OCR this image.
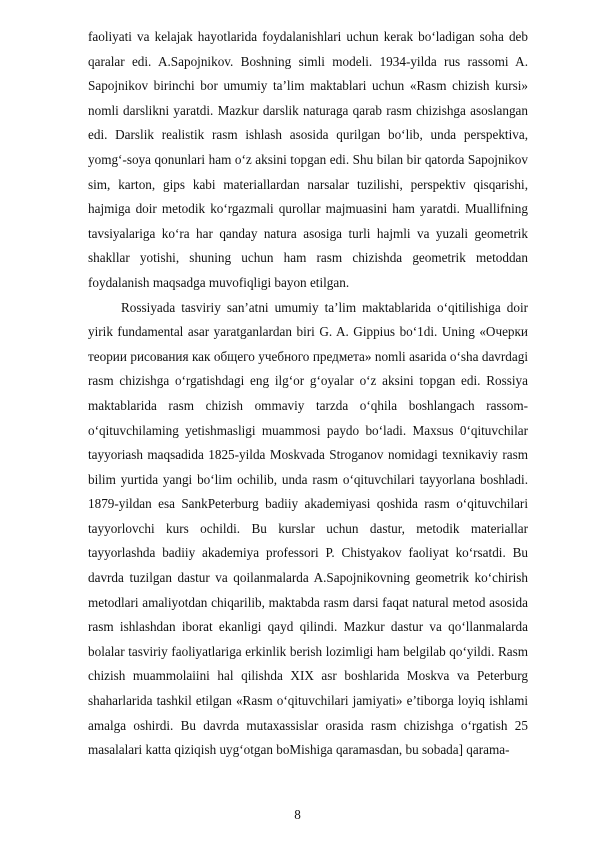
faoliyati va kelajak hayotlarida foydalanishlari uchun kerak bo‘ladigan soha deb qaralar edi. A.Sapojnikov. Boshning simli modeli. 1934-yilda rus rassomi A. Sapojnikov birinchi bor umumiy ta’lim maktablari uchun «Rasm chizish kursi» nomli darslikni yaratdi. Mazkur darslik naturaga qarab rasm chizishga asoslangan edi. Darslik realistik rasm ishlash asosida qurilgan bo‘lib, unda perspektiva, yomg‘-soya qonunlari ham o‘z aksini topgan edi. Shu bilan bir qatorda Sapojnikov sim, karton, gips kabi materiallardan narsalar tuzilishi, perspektiv qisqarishi, hajmiga doir metodik ko‘rgazmali qurollar majmuasini ham yaratdi. Muallifning tavsiyalariga ko‘ra har qanday natura asosiga turli hajmli va yuzali geometrik shakllar yotishi, shuning uchun ham rasm chizishda geometrik metoddan foydalanish maqsadga muvofiqligi bayon etilgan.

Rossiyada tasviriy san’atni umumiy ta’lim maktablarida o‘qitilishiga doir yirik fundamental asar yaratganlardan biri G. A. Gippius bo‘1di. Uning «Очерки теории рисования как общего учебного предмета» nomli asarida o‘sha davrdagi rasm chizishga o‘rgatishdagi eng ilg‘or g‘oyalar o‘z aksini topgan edi. Rossiya maktablarida rasm chizish ommaviy tarzda o‘qhila boshlangach rassom-o‘qituvchilaming yetishmasligi muammosi paydo bo‘ladi. Maxsus 0‘qituvchilar tayyoriash maqsadida 1825-yilda Moskvada Stroganov nomidagi texnikaviy rasm bilim yurtida yangi bo‘lim ochilib, unda rasm o‘qituvchilari tayyorlana boshladi. 1879-yildan esa SankPeterburg badiiy akademiyasi qoshida rasm o‘qituvchilari tayyorlovchi kurs ochildi. Bu kurslar uchun dastur, metodik materiallar tayyorlashda badiiy akademiya professori P. Chistyakov faoliyat ko‘rsatdi. Bu davrda tuzilgan dastur va qoilanmalarda A.Sapojnikovning geometrik ko‘chirish metodlari amaliyotdan chiqarilib, maktabda rasm darsi faqat natural metod asosida rasm ishlashdan iborat ekanligi qayd qilindi. Mazkur dastur va qo‘llanmalarda bolalar tasviriy faoliyatlariga erkinlik berish lozimligi ham belgilab qo‘yildi. Rasm chizish muammolaiini hal qilishda XIX asr boshlarida Moskva va Peterburg shaharlarida tashkil etilgan «Rasm o‘qituvchilari jamiyati» e’tiborga loyiq ishlami amalga oshirdi. Bu davrda mutaxassislar orasida rasm chizishga o‘rgatish 25 masalalari katta qiziqish uyg‘otgan boMishiga qaramasdan, bu sobada] qarama-

8
